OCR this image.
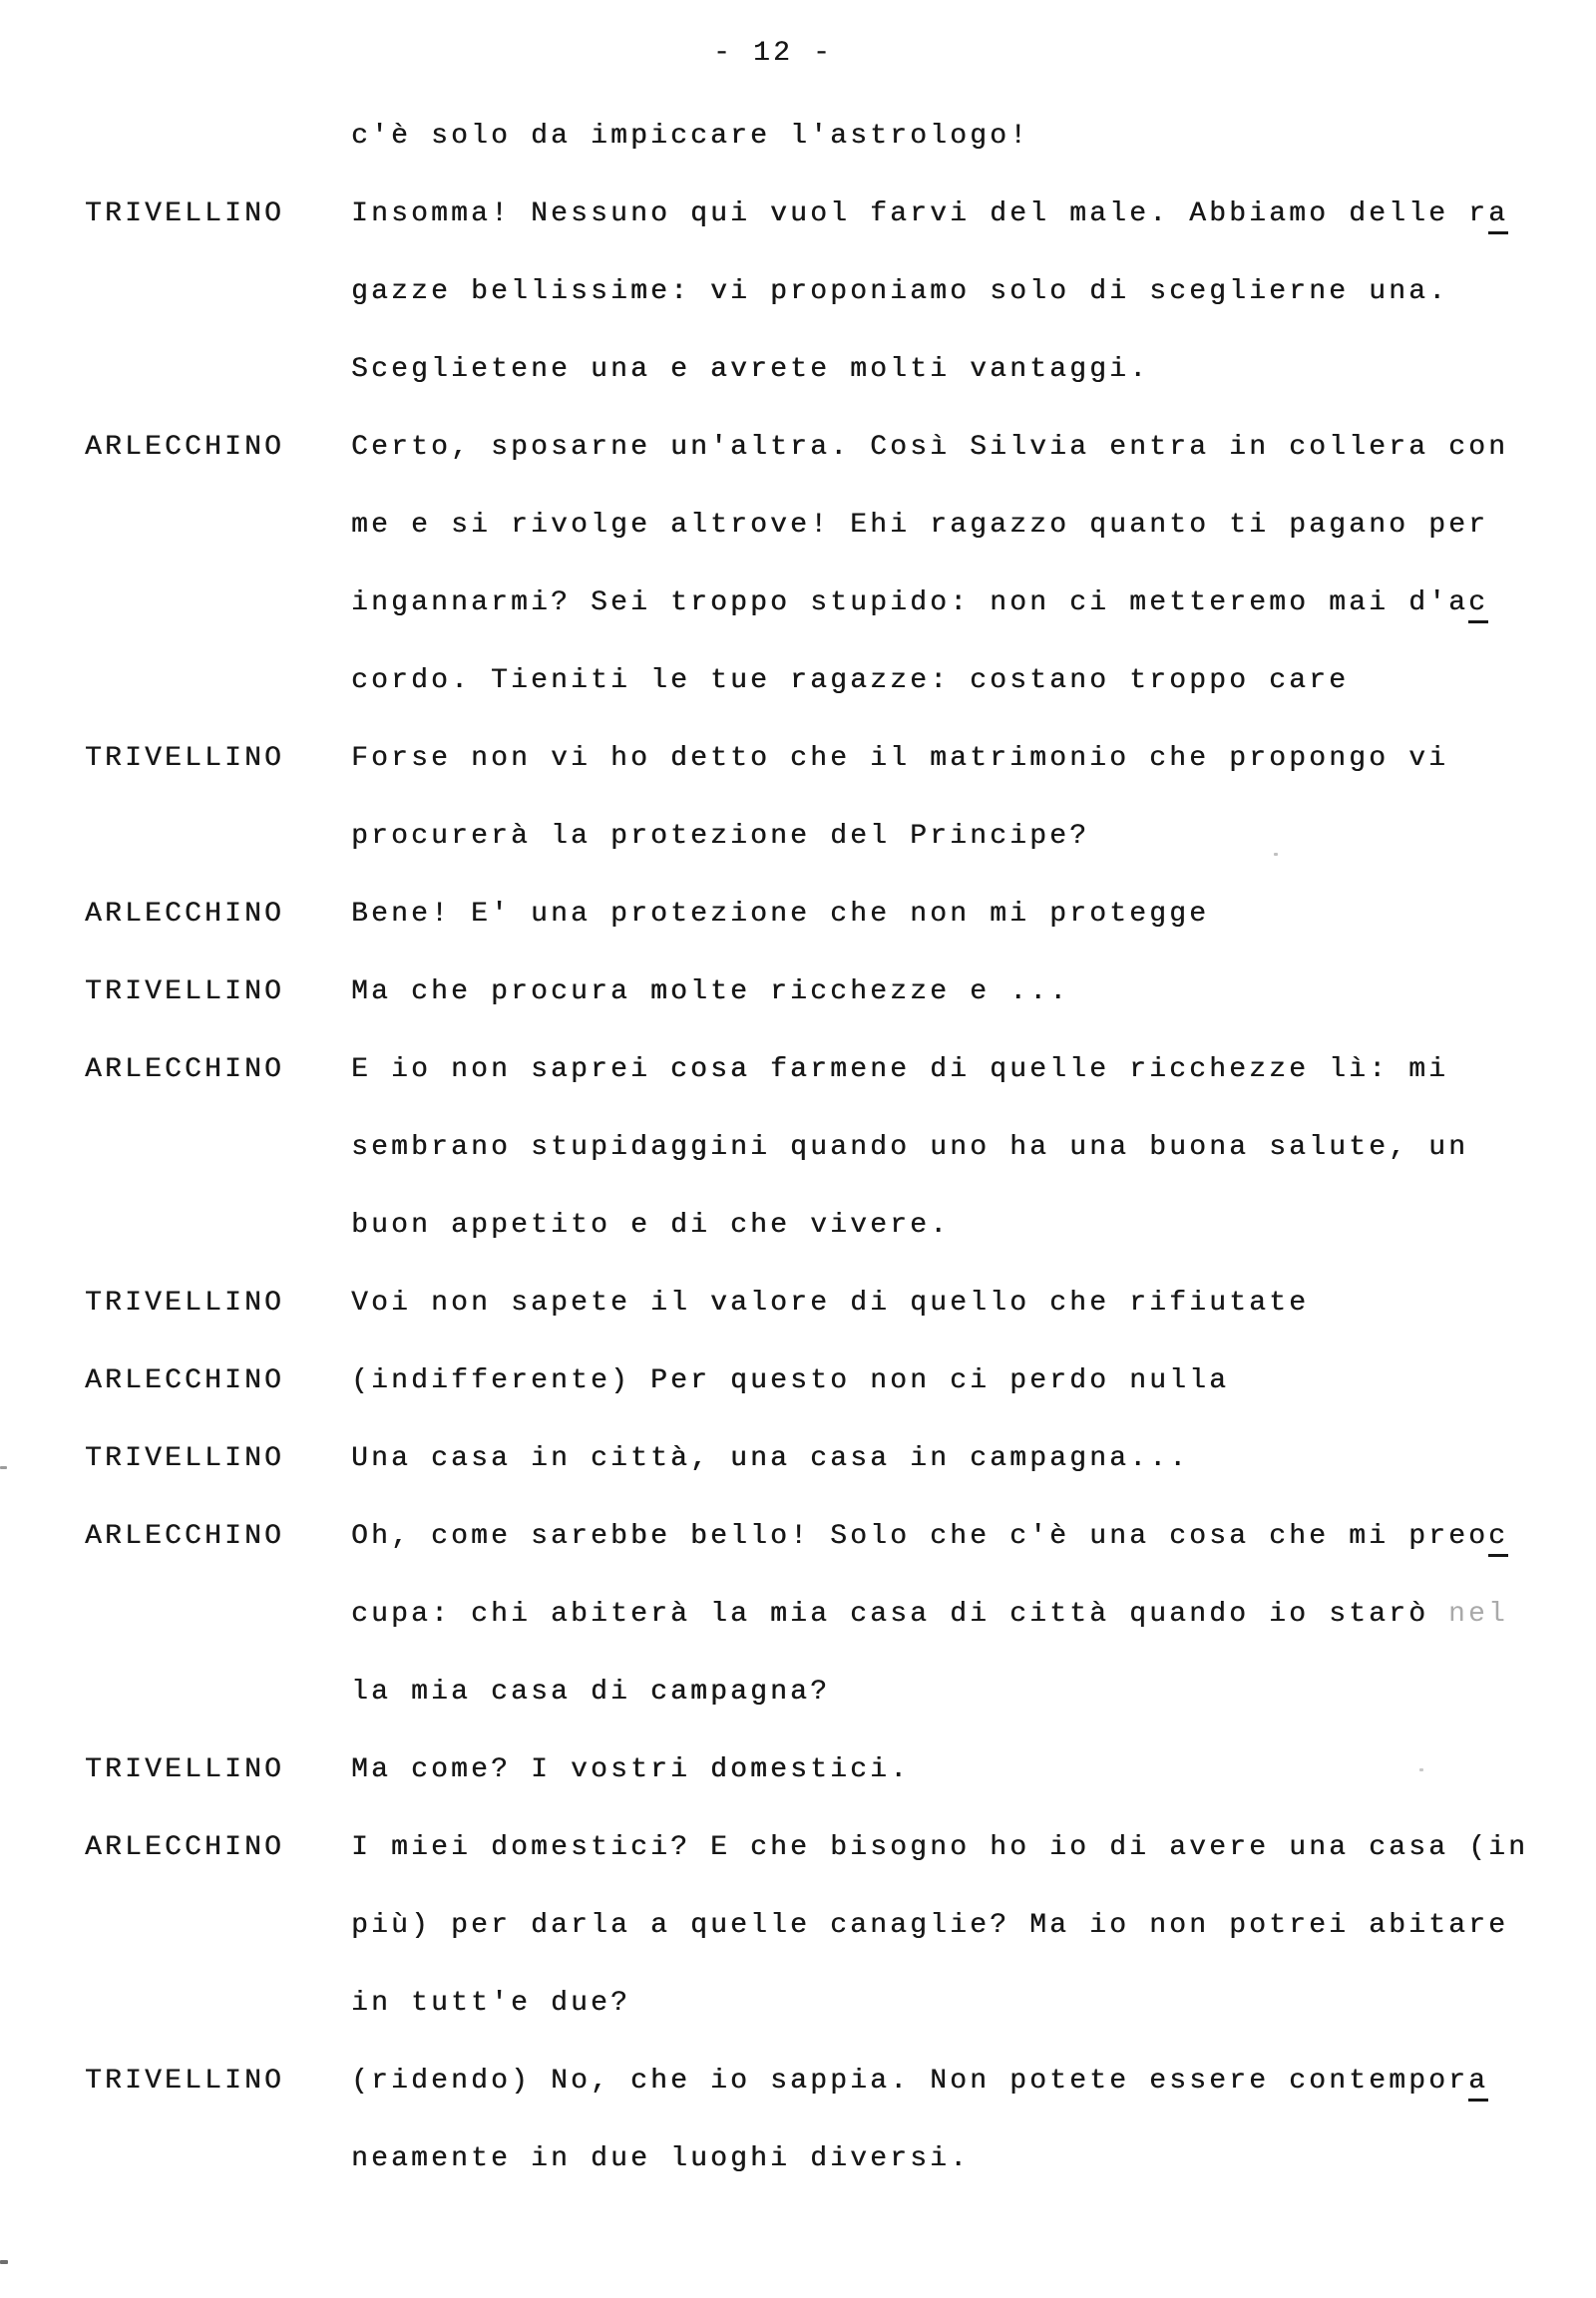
- 12 -
c'è solo da impiccare l'astrologo!
TRIVELLINO	Insomma! Nessuno qui vuol farvi del male. Abbiamo delle ra
gazze bellissime: vi proponiamo solo di sceglierne una.
Sceglietene una e avrete molti vantaggi.
ARLECCHINO	Certo, sposarne un'altra. Così Silvia entra in collera con
me e si rivolge altrove! Ehi ragazzo quanto ti pagano per
ingannarmi? Sei troppo stupido: non ci metteremo mai d'ac
cordo. Tieniti le tue ragazze: costano troppo care
TRIVELLINO	Forse non vi ho detto che il matrimonio che propongo vi
procurerà la protezione del Principe?
ARLECCHINO	Bene! E' una protezione che non mi protegge
TRIVELLINO	Ma che procura molte ricchezze e ...
ARLECCHINO	E io non saprei cosa farmene di quelle ricchezze lì: mi
sembrano stupidaggini quando uno ha una buona salute, un
buon appetito e di che vivere.
TRIVELLINO	Voi non sapete il valore di quello che rifiutate
ARLECCHINO	(indifferente) Per questo non ci perdo nulla
TRIVELLINO	Una casa in città, una casa in campagna...
ARLECCHINO	Oh, come sarebbe bello! Solo che c'è una cosa che mi preoc
cupa: chi abiterà la mia casa di città quando io starò nel
la mia casa di campagna?
TRIVELLINO	Ma come? I vostri domestici.
ARLECCHINO	I miei domestici? E che bisogno ho io di avere una casa (in
più) per darla a quelle canaglie? Ma io non potrei abitare
in tutt'e due?
TRIVELLINO	(ridendo) No, che io sappia. Non potete essere contempora
neamente in due luoghi diversi.
